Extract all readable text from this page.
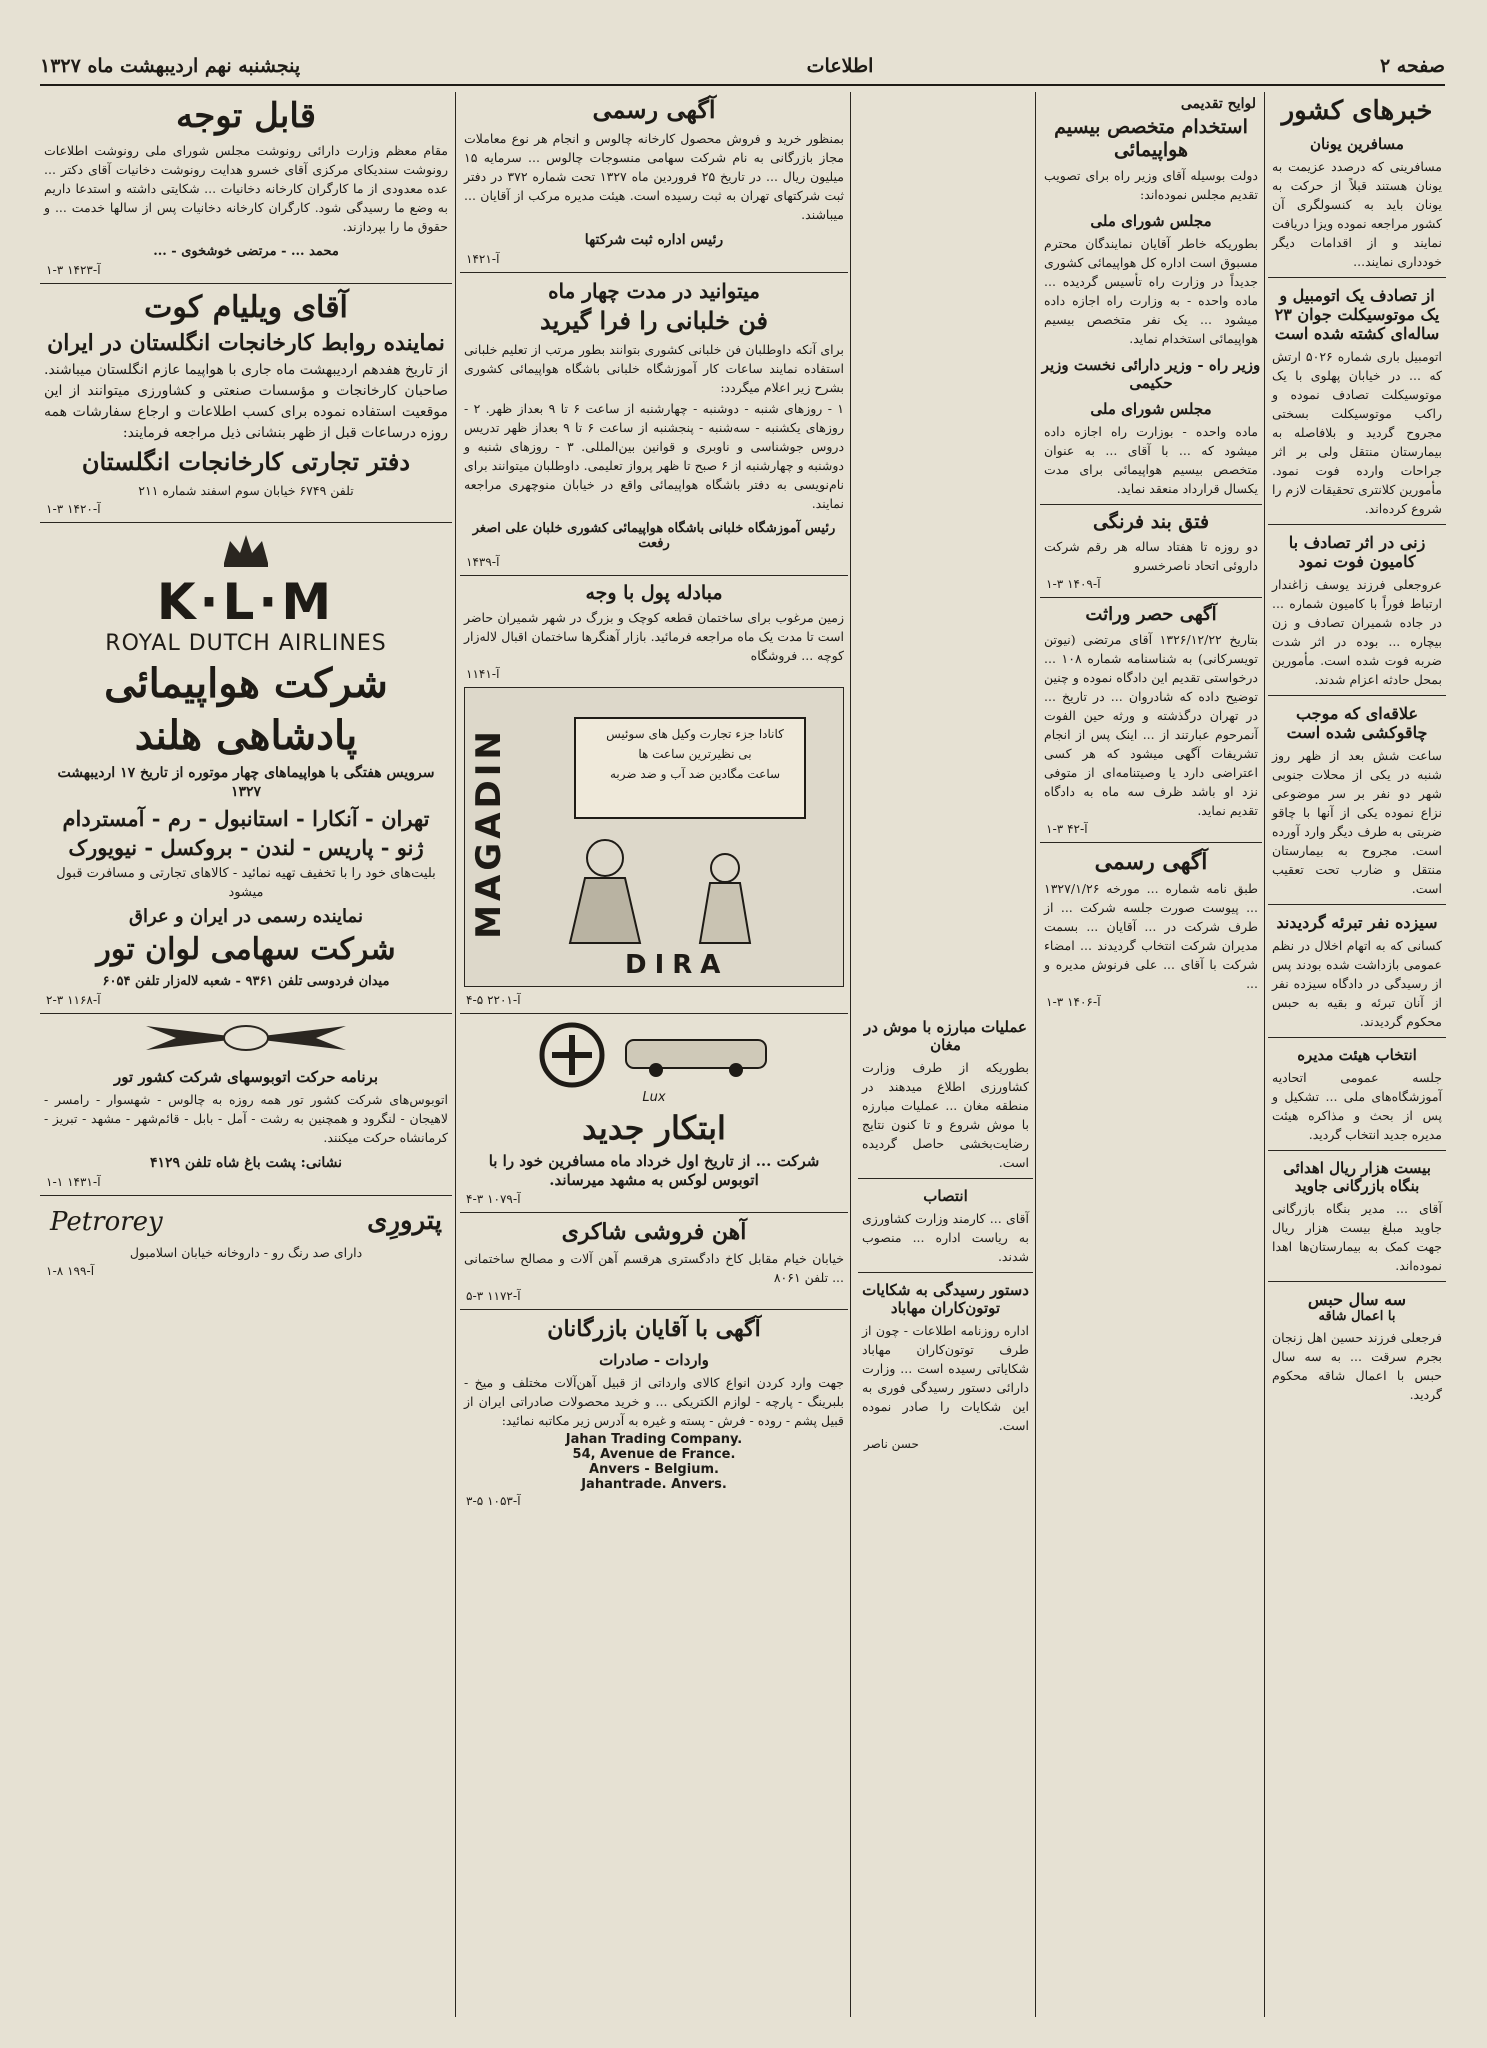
صفحه ۲
اطلاعات
پنجشنبه نهم اردیبهشت ماه ۱۳۲۷
خبرهای کشور
مسافرین یونان
مسافرینی که درصدد عزیمت به یونان هستند قبلاً از حرکت به یونان باید به کنسولگری آن کشور مراجعه نموده ویزا دریافت نمایند و از اقدامات دیگر خودداری نمایند...
از تصادف یک اتومبیل و یک موتوسیکلت جوان ۲۳ ساله‌ای کشته شده است
اتومبیل باری شماره ۵۰۲۶ ارتش که ... در خیابان پهلوی با یک موتوسیکلت تصادف نموده و راکب موتوسیکلت بسختی مجروح گردید و بلافاصله به بیمارستان منتقل ولی بر اثر جراحات وارده فوت نمود. مأمورین کلانتری تحقیقات لازم را شروع کرده‌اند.
زنی در اثر تصادف با کامیون فوت نمود
عروجعلی فرزند یوسف زاغندار ارتباط فوراً با کامیون شماره ... در جاده شمیران تصادف و زن بیچاره ... بوده در اثر شدت ضربه فوت شده است. مأمورین بمحل حادثه اعزام شدند.
علاقه‌ای که موجب چاقوکشی شده است
ساعت شش بعد از ظهر روز شنبه در یکی از محلات جنوبی شهر دو نفر بر سر موضوعی نزاع نموده یکی از آنها با چاقو ضربتی به طرف دیگر وارد آورده است. مجروح به بیمارستان منتقل و ضارب تحت تعقیب است.
سیزده نفر تبرئه گردیدند
کسانی که به اتهام اخلال در نظم عمومی بازداشت شده بودند پس از رسیدگی در دادگاه سیزده نفر از آنان تبرئه و بقیه به حبس محکوم گردیدند.
انتخاب هیئت مدیره
جلسه عمومی اتحادیه آموزشگاه‌های ملی ... تشکیل و پس از بحث و مذاکره هیئت مدیره جدید انتخاب گردید.
بیست هزار ریال اهدائی بنگاه بازرگانی جاوید
آقای ... مدیر بنگاه بازرگانی جاوید مبلغ بیست هزار ریال جهت کمک به بیمارستان‌ها اهدا نموده‌اند.
سه سال حبس
با اعمال شاقه
فرجعلی فرزند حسین اهل زنجان بجرم سرقت ... به سه سال حبس با اعمال شاقه محکوم گردید.
لوایح تقدیمی
استخدام متخصص بیسیم هواپیمائی
دولت بوسیله آقای وزیر راه برای تصویب تقدیم مجلس نموده‌اند:
مجلس شورای ملی
بطوریکه خاطر آقایان نمایندگان محترم مسبوق است اداره کل هواپیمائی کشوری جدیداً در وزارت راه تأسیس گردیده ... ماده واحده - به وزارت راه اجازه داده میشود ... یک نفر متخصص بیسیم هواپیمائی استخدام نماید.
وزیر راه - وزیر دارائی نخست وزیر حکیمی
مجلس شورای ملی
ماده واحده - بوزارت راه اجازه داده میشود که ... با آقای ... به عنوان متخصص بیسیم هواپیمائی برای مدت یکسال قرارداد منعقد نماید.
فتق بند فرنگی
دو روزه تا هفتاد ساله هر رقم شرکت داروئی اتحاد ناصرخسرو
آ-۱۴۰۹ ۳-۱
آگهی حصر وراثت
بتاریخ ۱۳۲۶/۱۲/۲۲ آقای مرتضی (نیوتن تویسرکانی) به شناسنامه شماره ۱۰۸ ... درخواستی تقدیم این دادگاه نموده و چنین توضیح داده که شادروان ... در تاریخ ... در تهران درگذشته و ورثه حین الفوت آنمرحوم عبارتند از ... اینک پس از انجام تشریفات آگهی میشود که هر کسی اعتراضی دارد یا وصیتنامه‌ای از متوفی نزد او باشد ظرف سه ماه به دادگاه تقدیم نماید.
آ-۴۲ ۳-۱
آگهی رسمی
طبق نامه شماره ... مورخه ۱۳۲۷/۱/۲۶ ... پیوست صورت جلسه شرکت ... از طرف شرکت در ... آقایان ... بسمت مدیران شرکت انتخاب گردیدند ... امضاء شرکت با آقای ... علی فرنوش مدیره و ...
آ-۱۴۰۶ ۳-۱
عملیات مبارزه با موش در مغان
بطوریکه از طرف وزارت کشاورزی اطلاع میدهند در منطقه مغان ... عملیات مبارزه با موش شروع و تا کنون نتایج رضایت‌بخشی حاصل گردیده است.
انتصاب
آقای ... کارمند وزارت کشاورزی به ریاست اداره ... منصوب شدند.
دستور رسیدگی به شکایات توتون‌کاران مهاباد
اداره روزنامه اطلاعات - چون از طرف توتون‌کاران مهاباد شکایاتی رسیده است ... وزارت دارائی دستور رسیدگی فوری به این شکایات را صادر نموده است.
حسن ناصر
آگهی رسمی
بمنظور خرید و فروش محصول کارخانه چالوس و انجام هر نوع معاملات مجاز بازرگانی به نام شرکت سهامی منسوجات چالوس ... سرمایه ۱۵ میلیون ریال ... در تاریخ ۲۵ فروردین ماه ۱۳۲۷ تحت شماره ۳۷۲ در دفتر ثبت شرکتهای تهران به ثبت رسیده است. هیئت مدیره مرکب از آقایان ... میباشند.
رئیس اداره ثبت شرکتها
آ-۱۴۲۱
میتوانید در مدت چهار ماه
فن خلبانی را فرا گیرید
برای آنکه داوطلبان فن خلبانی کشوری بتوانند بطور مرتب از تعلیم خلبانی استفاده نمایند ساعات کار آموزشگاه خلبانی باشگاه هواپیمائی کشوری بشرح زیر اعلام میگردد:
۱ - روزهای شنبه - دوشنبه - چهارشنبه از ساعت ۶ تا ۹ بعداز ظهر. ۲ - روزهای یکشنبه - سه‌شنبه - پنجشنبه از ساعت ۶ تا ۹ بعداز ظهر تدریس دروس جوشناسی و ناوبری و قوانین بین‌المللی. ۳ - روزهای شنبه و دوشنبه و چهارشنبه از ۶ صبح تا ظهر پرواز تعلیمی. داوطلبان میتوانند برای نام‌نویسی به دفتر باشگاه هواپیمائی واقع در خیابان منوچهری مراجعه نمایند.
رئیس آموزشگاه خلبانی باشگاه هواپیمائی کشوری خلبان علی اصغر رفعت
آ-۱۴۳۹
مبادله پول با وجه
زمین مرغوب برای ساختمان قطعه کوچک و بزرگ در شهر شمیران حاضر است تا مدت یک ماه مراجعه فرمائید. بازار آهنگرها ساختمان اقبال لاله‌زار کوچه ... فروشگاه
آ-۱۱۴۱
MAGADIN	کانادا جزء تجارت وکیل های سوئیس
بی نظیرترین ساعت ها
ساعت مگادین ضد آب و ضد ضربه
DIRA
آ-۲۲۰۱ ۵-۴
Lux
ابتکار جدید
شرکت ... از تاریخ اول خرداد ماه مسافرین خود را با اتوبوس لوکس به مشهد میرساند.
آ-۱۰۷۹ ۳-۴
آهن فروشی شاکری
خیابان خیام مقابل کاخ دادگستری هرقسم آهن آلات و مصالح ساختمانی ... تلفن ۸۰۶۱
آ-۱۱۷۲ ۳-۵
آگهی با آقایان بازرگانان
واردات - صادرات
جهت وارد کردن انواع کالای وارداتی از قبیل آهن‌آلات مختلف و میخ - بلبرینگ - پارچه - لوازم الکتریکی ... و خرید محصولات صادراتی ایران از قبیل پشم - روده - فرش - پسته و غیره به آدرس زیر مکاتبه نمائید:
Jahan Trading Company.
54, Avenue de France.
Anvers - Belgium.
Jahantrade. Anvers.
آ-۱۰۵۳ ۵-۳
قابل توجه
مقام معظم وزارت دارائی رونوشت مجلس شورای ملی رونوشت اطلاعات رونوشت سندیکای مرکزی آقای خسرو هدایت رونوشت دخانیات آقای دکتر ... عده معدودی از ما کارگران کارخانه دخانیات ... شکایتی داشته و استدعا داریم به وضع ما رسیدگی شود. کارگران کارخانه دخانیات پس از سالها خدمت ... و حقوق ما را بپردازند.
محمد ... - مرتضی خوشخوی - ...
آ-۱۴۲۳ ۳-۱
آقای ویلیام کوت
نماینده روابط کارخانجات انگلستان در ایران
از تاریخ هفدهم اردیبهشت ماه جاری با هواپیما عازم انگلستان میباشند. صاحبان کارخانجات و مؤسسات صنعتی و کشاورزی میتوانند از این موقعیت استفاده نموده برای کسب اطلاعات و ارجاع سفارشات همه روزه درساعات قبل از ظهر بنشانی ذیل مراجعه فرمایند:
دفتر تجارتی کارخانجات انگلستان
تلفن ۶۷۴۹ خیابان سوم اسفند شماره ۲۱۱
آ-۱۴۲۰ ۳-۱
K·L·M
ROYAL DUTCH AIRLINES
شرکت هواپیمائی
پادشاهی هلند
سرویس هفتگی با هواپیماهای چهار موتوره از تاریخ ۱۷ اردیبهشت ۱۳۲۷
تهران - آنکارا - استانبول - رم - آمستردام
ژنو - پاریس - لندن - بروکسل - نیویورک
بلیت‌های خود را با تخفیف تهیه نمائید - کالاهای تجارتی و مسافرت قبول میشود
نماینده رسمی در ایران و عراق
شرکت سهامی لوان تور
میدان فردوسی تلفن ۹۳۶۱ - شعبه لاله‌زار تلفن ۶۰۵۴
آ-۱۱۶۸ ۳-۲
برنامه حرکت اتوبوسهای شرکت کشور تور
اتوبوس‌های شرکت کشور تور همه روزه به چالوس - شهسوار - رامسر - لاهیجان - لنگرود و همچنین به رشت - آمل - بابل - قائم‌شهر - مشهد - تبریز - کرمانشاه حرکت میکنند.
نشانی: پشت باغ شاه تلفن ۴۱۲۹
آ-۱۴۳۱ ۱-۱
پترورِی
Petrorey
دارای صد رنگ رو - داروخانه خیابان اسلامبول
آ-۱۹۹ ۸-۱
